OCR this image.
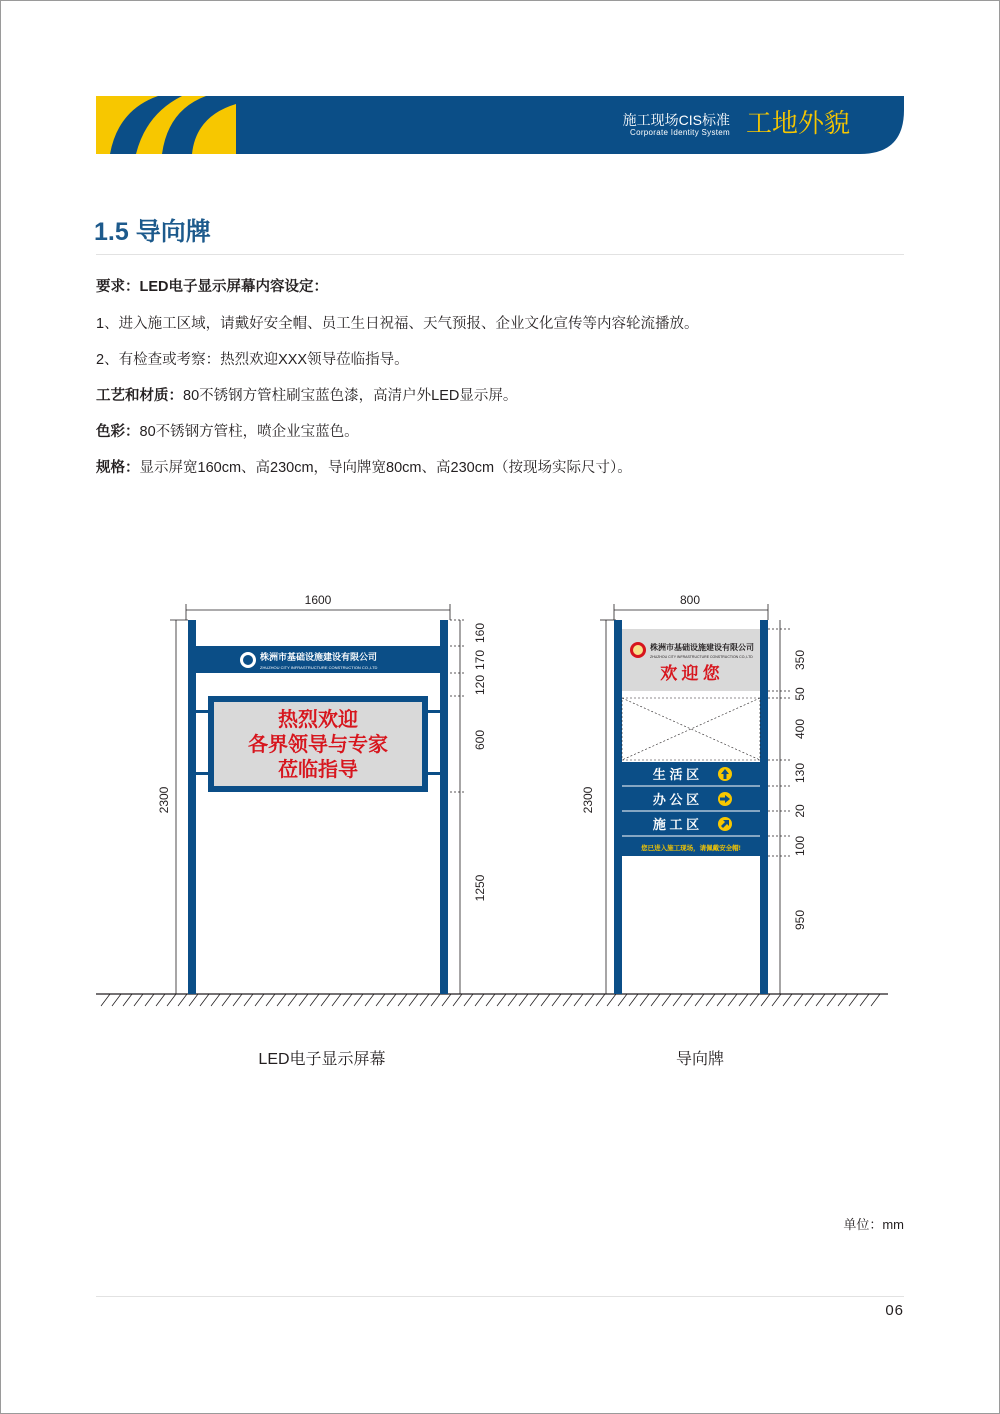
施工现场CIS标准
Corporate Identity System 工地外貌
1.5 导向牌
要求：LED电子显示屏幕内容设定：
1、进入施工区域，请戴好安全帽、员工生日祝福、天气预报、企业文化宣传等内容轮流播放。
2、有检查或考察：热烈欢迎XXX领导莅临指导。
工艺和材质：80不锈钢方管柱刷宝蓝色漆，高清户外LED显示屏。
色彩：80不锈钢方管柱，喷企业宝蓝色。
规格：显示屏宽160cm、高230cm，导向牌宽80cm、高230cm（按现场实际尺寸）。
1600
2300
株洲市基础设施建设有限公司
ZHUZHOU CITY INFRASTRUCTURE CONSTRUCTION CO.,LTD
热烈欢迎
各界领导与专家
莅临指导
160
170
120
600
1250
800
2300
株洲市基础设施建设有限公司
ZHUZHOU CITY INFRASTRUCTURE CONSTRUCTION CO.,LTD
欢 迎 您
生 活 区
办 公 区
施 工 区
您已进入施工现场，请佩戴安全帽!
350
50
400
130
20
100
950
LED电子显示屏幕	导向牌
单位：mm
06
